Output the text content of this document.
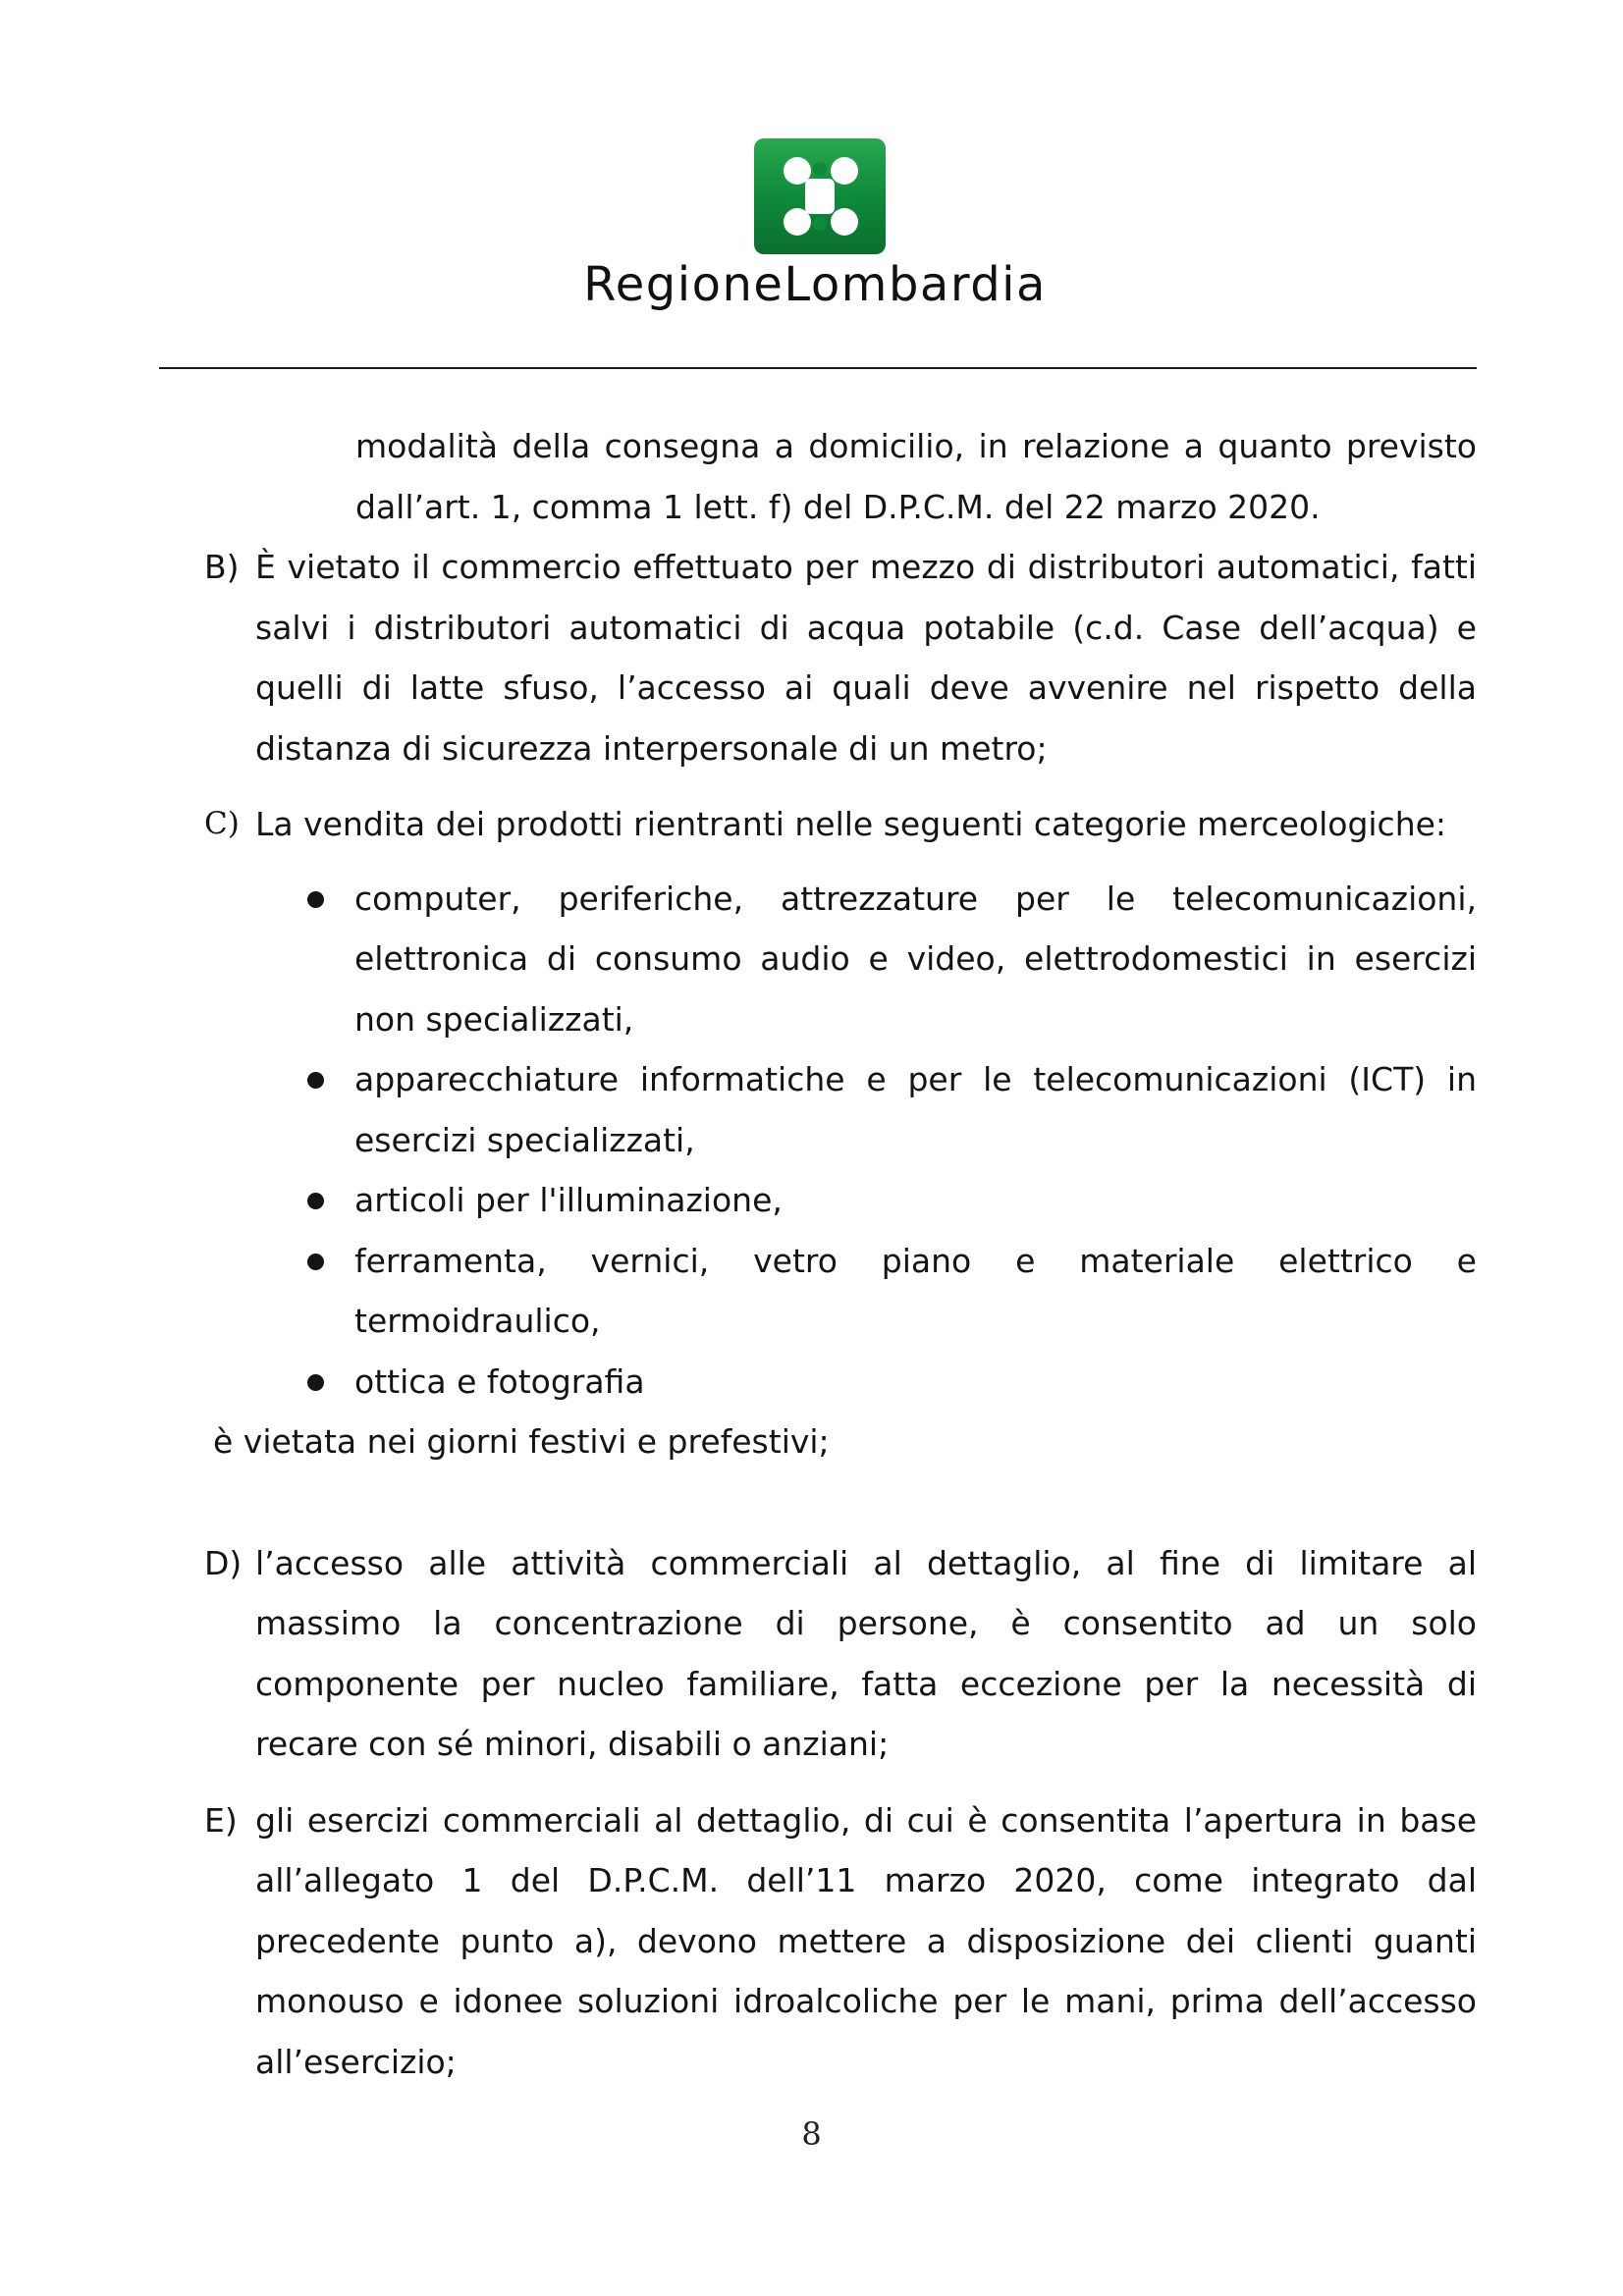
RegioneLombardia

modalità della consegna a domicilio, in relazione a quanto previsto dall’art. 1, comma 1 lett. f) del D.P.C.M. del 22 marzo 2020.

B) È vietato il commercio effettuato per mezzo di distributori automatici, fatti salvi i distributori automatici di acqua potabile (c.d. Case dell’acqua) e quelli di latte sfuso, l’accesso ai quali deve avvenire nel rispetto della distanza di sicurezza interpersonale di un metro;
C) La vendita dei prodotti rientranti nelle seguenti categorie merceologiche:
computer, periferiche, attrezzature per le telecomunicazioni, elettronica di consumo audio e video, elettrodomestici in esercizi non specializzati,
apparecchiature informatiche e per le telecomunicazioni (ICT) in esercizi specializzati,
articoli per l'illuminazione,
ferramenta, vernici, vetro piano e materiale elettrico e termoidraulico,
ottica e fotografia

è vietata nei giorni festivi e prefestivi;

D) l’accesso alle attività commerciali al dettaglio, al fine di limitare al massimo la concentrazione di persone, è consentito ad un solo componente per nucleo familiare, fatta eccezione per la necessità di recare con sé minori, disabili o anziani;
E) gli esercizi commerciali al dettaglio, di cui è consentita l’apertura in base all’allegato 1 del D.P.C.M. dell’11 marzo 2020, come integrato dal precedente punto a), devono mettere a disposizione dei clienti guanti monouso e idonee soluzioni idroalcoliche per le mani, prima dell’accesso all’esercizio;
8
